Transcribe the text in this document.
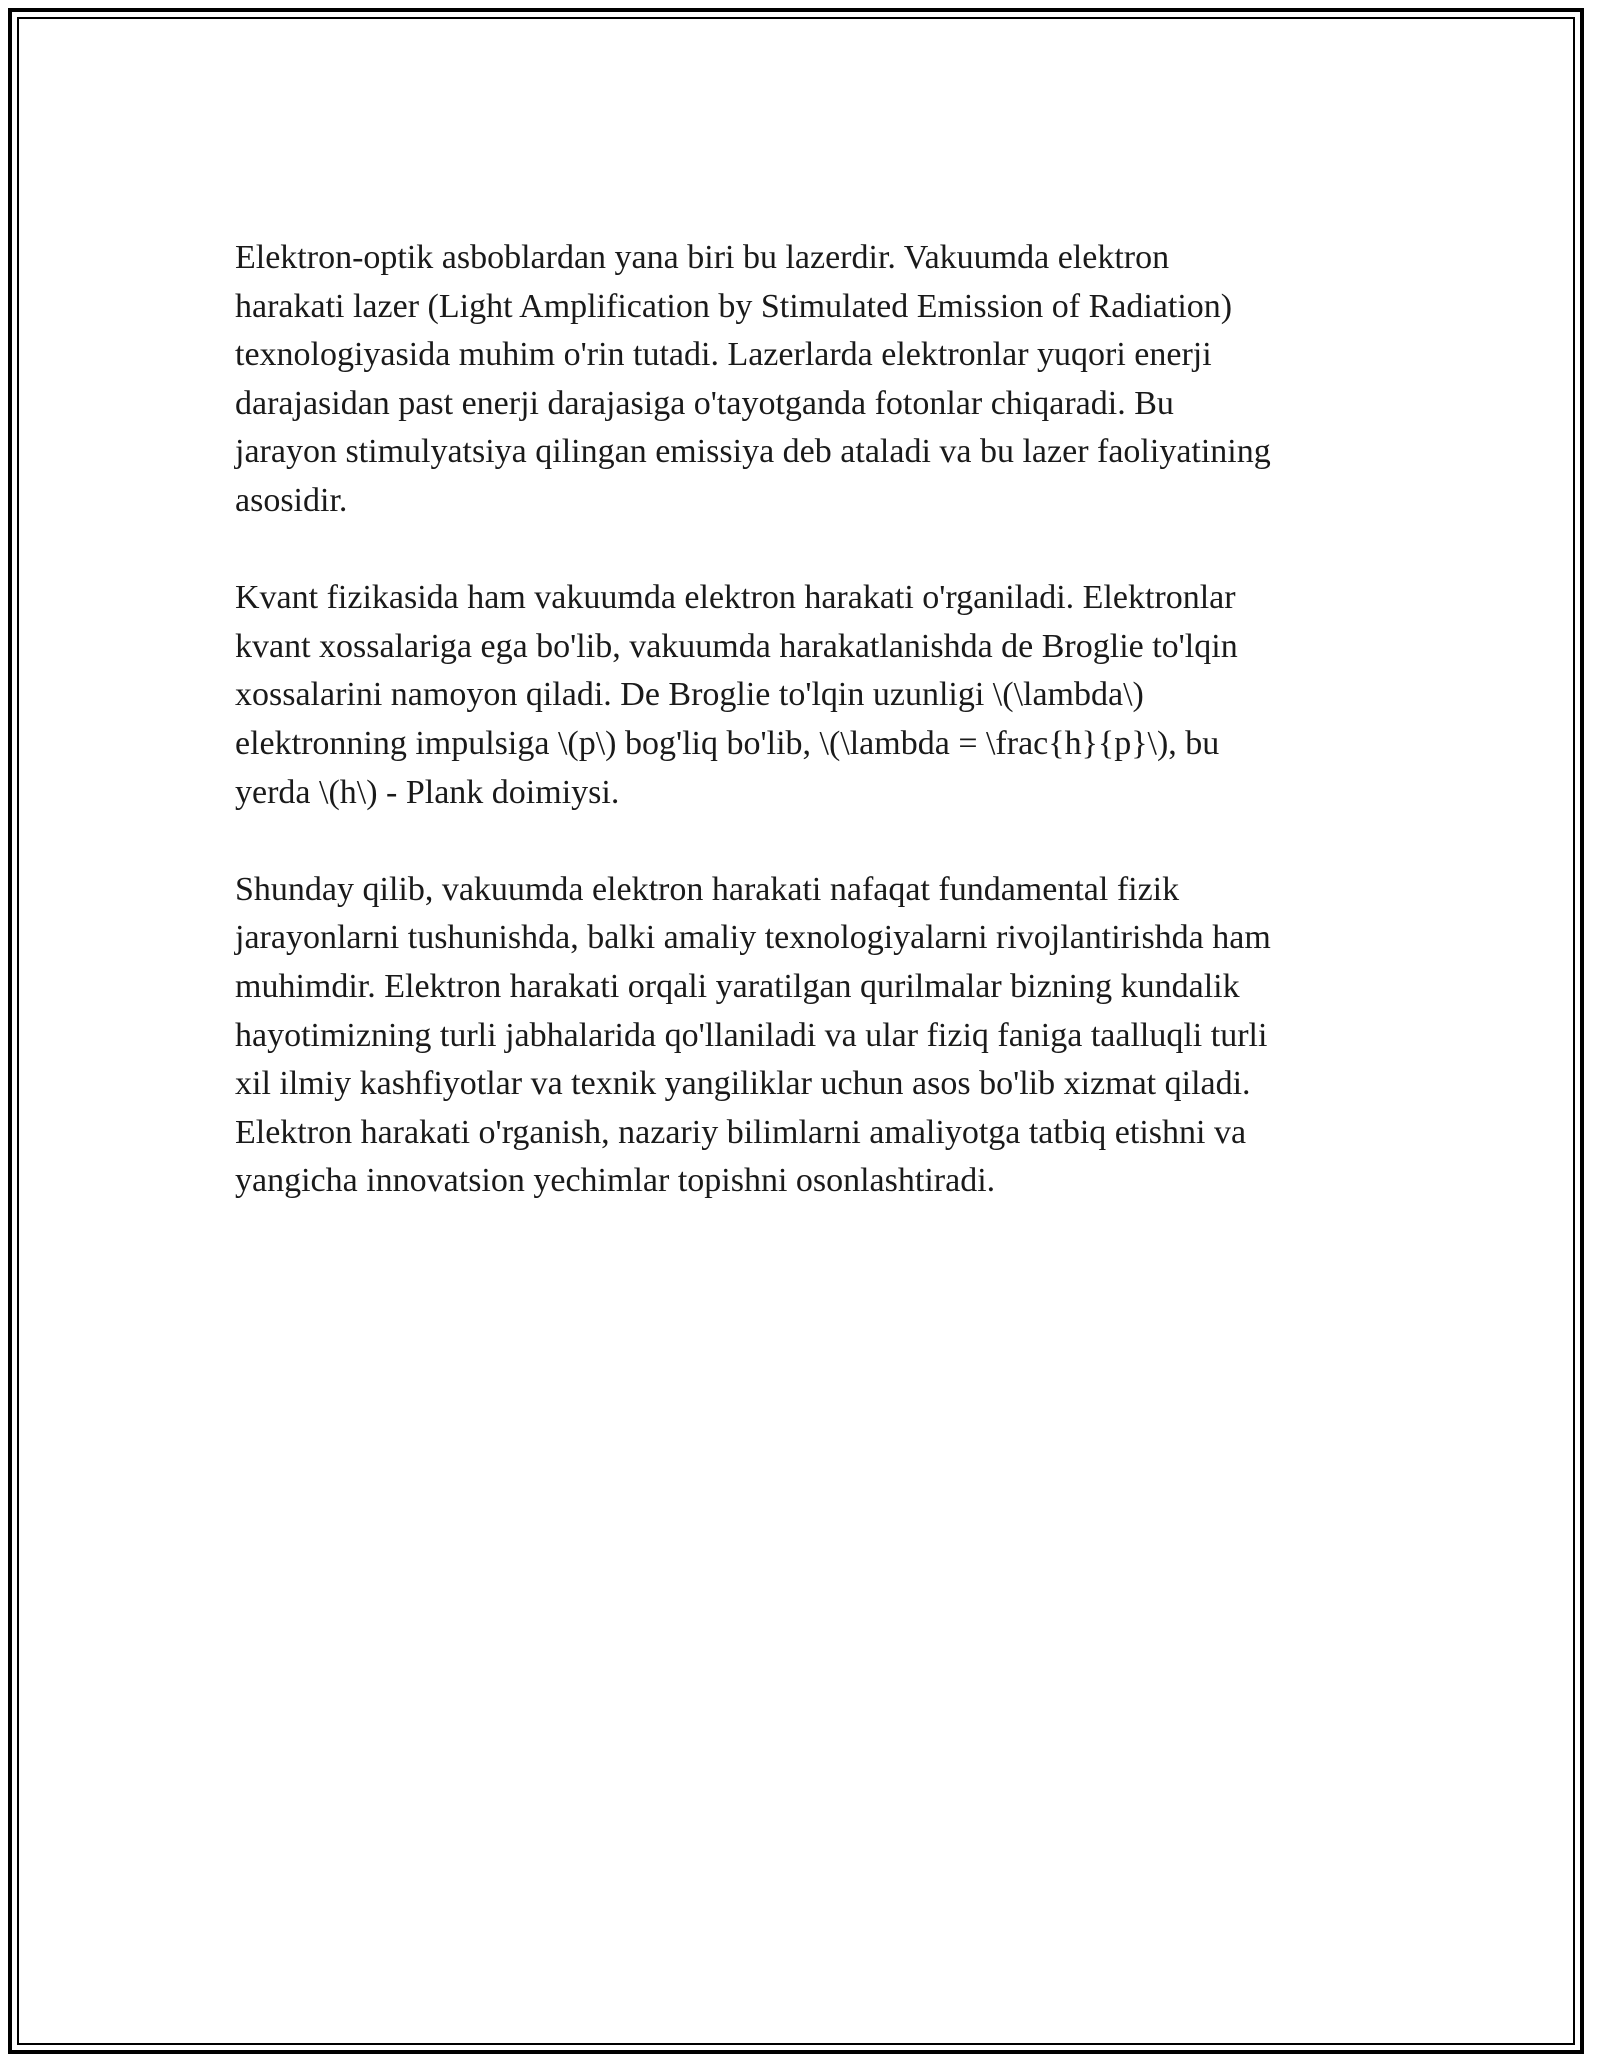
Elektron-optik asboblardan yana biri bu lazerdir. Vakuumda elektron
harakati lazer (Light Amplification by Stimulated Emission of Radiation)
texnologiyasida muhim o'rin tutadi. Lazerlarda elektronlar yuqori enerji
darajasidan past enerji darajasiga o'tayotganda fotonlar chiqaradi. Bu
jarayon stimulyatsiya qilingan emissiya deb ataladi va bu lazer faoliyatining
asosidir.

Kvant fizikasida ham vakuumda elektron harakati o'rganiladi. Elektronlar
kvant xossalariga ega bo'lib, vakuumda harakatlanishda de Broglie to'lqin
xossalarini namoyon qiladi. De Broglie to'lqin uzunligi \(\lambda\)
elektronning impulsiga \(p\) bog'liq bo'lib, \(\lambda = \frac{h}{p}\), bu
yerda \(h\) - Plank doimiysi.

Shunday qilib, vakuumda elektron harakati nafaqat fundamental fizik
jarayonlarni tushunishda, balki amaliy texnologiyalarni rivojlantirishda ham
muhimdir. Elektron harakati orqali yaratilgan qurilmalar bizning kundalik
hayotimizning turli jabhalarida qo'llaniladi va ular fiziq faniga taalluqli turli
xil ilmiy kashfiyotlar va texnik yangiliklar uchun asos bo'lib xizmat qiladi.
Elektron harakati o'rganish, nazariy bilimlarni amaliyotga tatbiq etishni va
yangicha innovatsion yechimlar topishni osonlashtiradi.
